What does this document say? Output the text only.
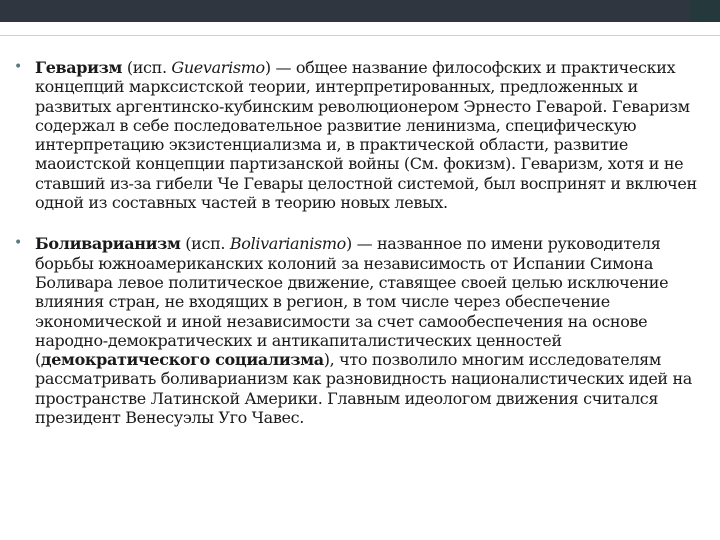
• Геваризм (исп. Guevarismo) — общее название философских и практических концепций марксистской теории, интерпретированных, предложенных и развитых аргентинско-кубинским революционером Эрнесто Геварой. Геваризм содержал в себе последовательное развитие ленинизма, специфическую интерпретацию экзистенциализма и, в практической области, развитие маоистской концепции партизанской войны (См. фокизм). Геваризм, хотя и не ставший из-за гибели Че Гевары целостной системой, был воспринят и включен одной из составных частей в теорию новых левых.
• Боливарианизм (исп. Bolivarianismo) — названное по имени руководителя борьбы южноамериканских колоний за независимость от Испании Симона Боливара левое политическое движение, ставящее своей целью исключение влияния стран, не входящих в регион, в том числе через обеспечение экономической и иной независимости за счет самообеспечения на основе народно-демократических и антикапиталистических ценностей (демократического социализма), что позволило многим исследователям рассматривать боливарианизм как разновидность националистических идей на пространстве Латинской Америки. Главным идеологом движения считался президент Венесуэлы Уго Чавес.
